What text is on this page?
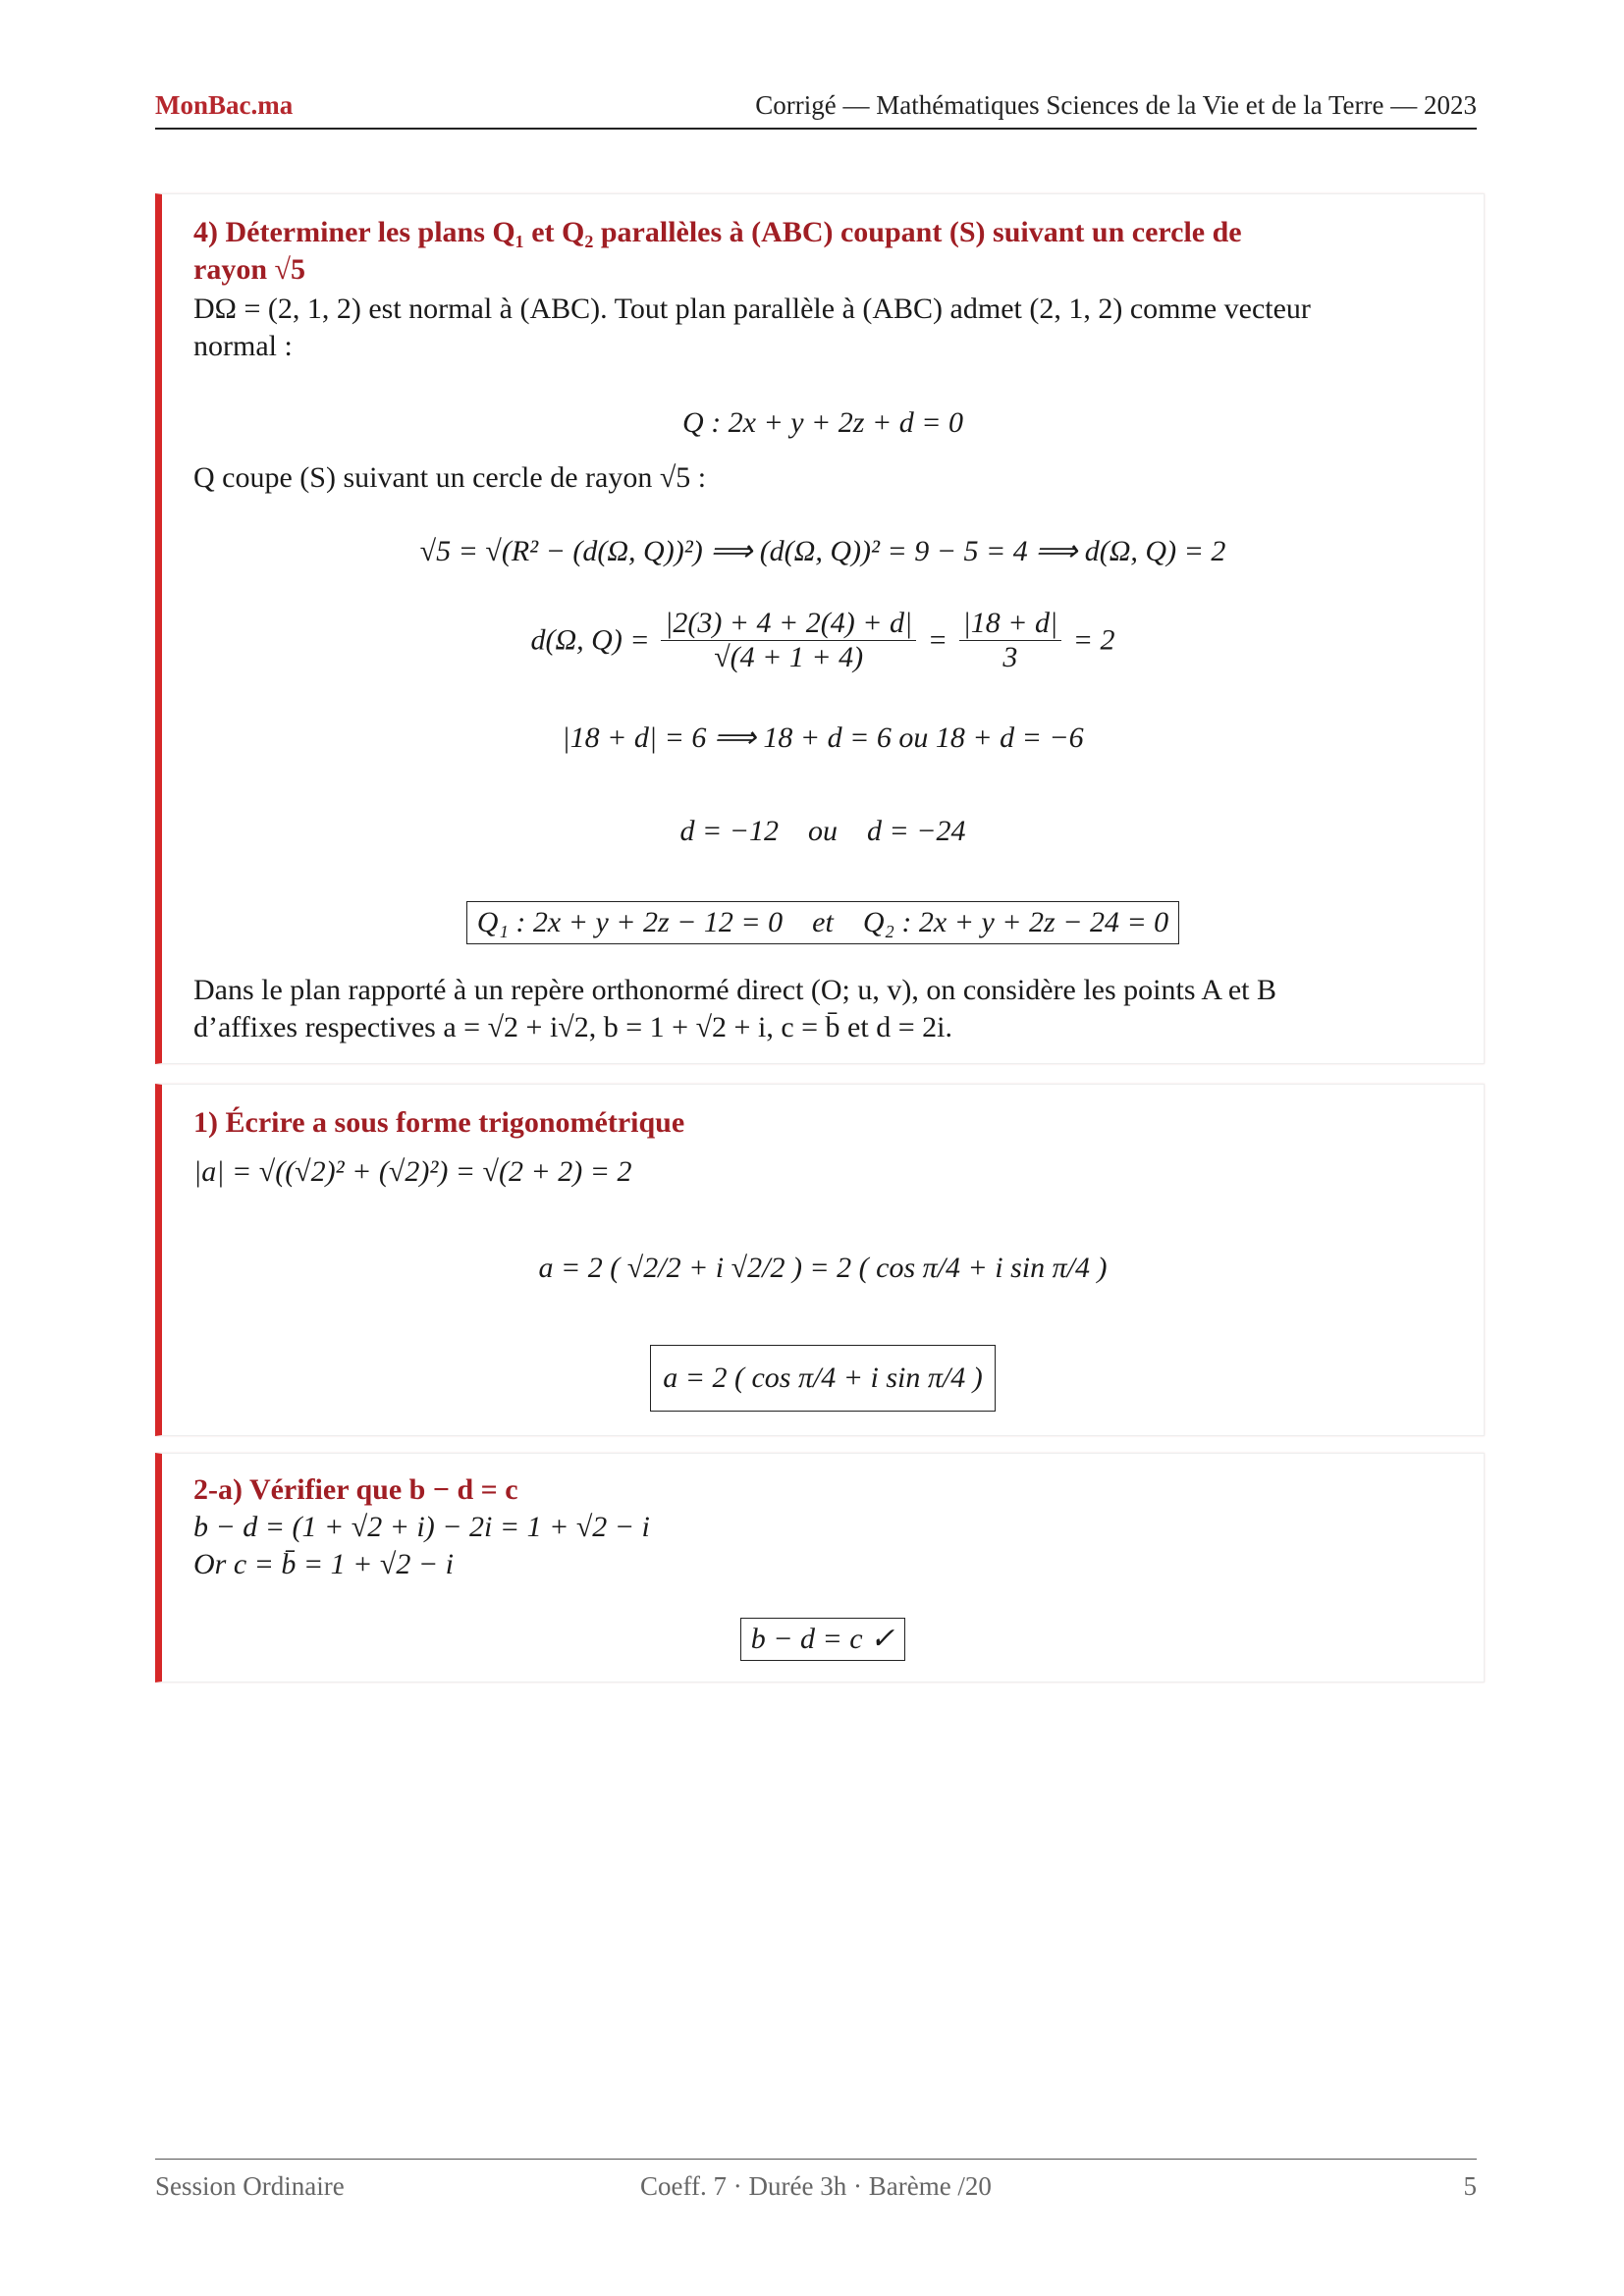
MonBac.ma	Corrigé — Mathématiques Sciences de la Vie et de la Terre — 2023
4) Déterminer les plans Q₁ et Q₂ parallèles à (ABC) coupant (S) suivant un cercle de
rayon √5
DΩ = (2, 1, 2) est normal à (ABC). Tout plan parallèle à (ABC) admet (2, 1, 2) comme vecteur
normal :
Q : 2x + y + 2z + d = 0
Q coupe (S) suivant un cercle de rayon √5 :
√5 = √(R² − (d(Ω, Q))²) ⟹ (d(Ω, Q))² = 9 − 5 = 4 ⟹ d(Ω, Q) = 2
d(Ω, $Q) = \frac{|2(3) + 4 + 2(4) + d|}{√(4 + 1 + 4)} = \frac{|18 + d|}{3} = 2$
|18 + d| = 6 ⟹ 18 + d = 6 ou 18 + d = −6
d = −12    ou    d = −24
Q₁ : 2x + y + 2z − 12 = 0    et    Q₂ : 2x + y + 2z − 24 = 0
Dans le plan rapporté à un repère orthonormé direct (O; u, v), on considère les points A et B
d’affixes respectives a = √2 + i√2, b = 1 + √2 + i, c = b̄ et d = 2i.
1) Écrire a sous forme trigonométrique
|a| = √((√2)² + (√2)²) = √(2 + 2) = 2
a = 2 ( √2/2 + i √2/2 ) = 2 ( cos π/4 + i sin π/4 )
a = 2 ( cos π/4 + i sin π/4 )
2-a) Vérifier que b − d = c
b − d = (1 + √2 + i) − 2i = 1 + √2 − i
Or c = b̄ = 1 + √2 − i
b − d = c ✓
Session Ordinaire	Coeff. 7 · Durée 3h · Barème /20	5
